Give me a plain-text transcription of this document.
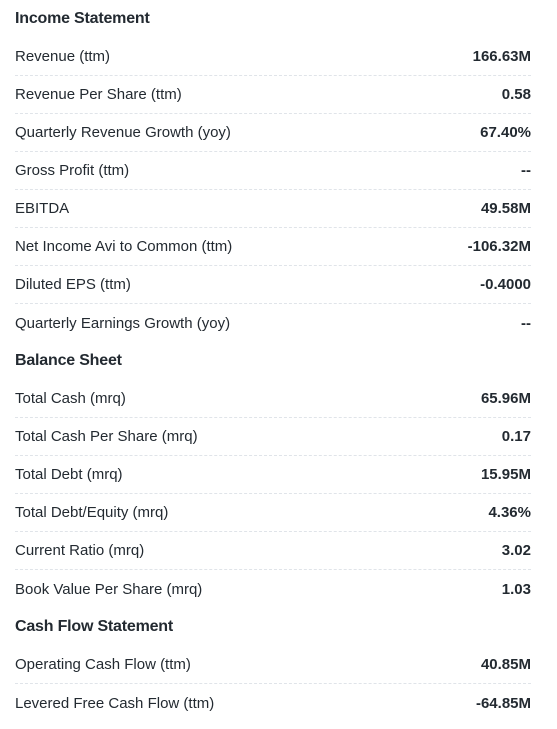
Income Statement
Revenue (ttm)	166.63M
Revenue Per Share (ttm)	0.58
Quarterly Revenue Growth (yoy)	67.40%
Gross Profit (ttm)	--
EBITDA	49.58M
Net Income Avi to Common (ttm)	-106.32M
Diluted EPS (ttm)	-0.4000
Quarterly Earnings Growth (yoy)	--
Balance Sheet
Total Cash (mrq)	65.96M
Total Cash Per Share (mrq)	0.17
Total Debt (mrq)	15.95M
Total Debt/Equity (mrq)	4.36%
Current Ratio (mrq)	3.02
Book Value Per Share (mrq)	1.03
Cash Flow Statement
Operating Cash Flow (ttm)	40.85M
Levered Free Cash Flow (ttm)	-64.85M
